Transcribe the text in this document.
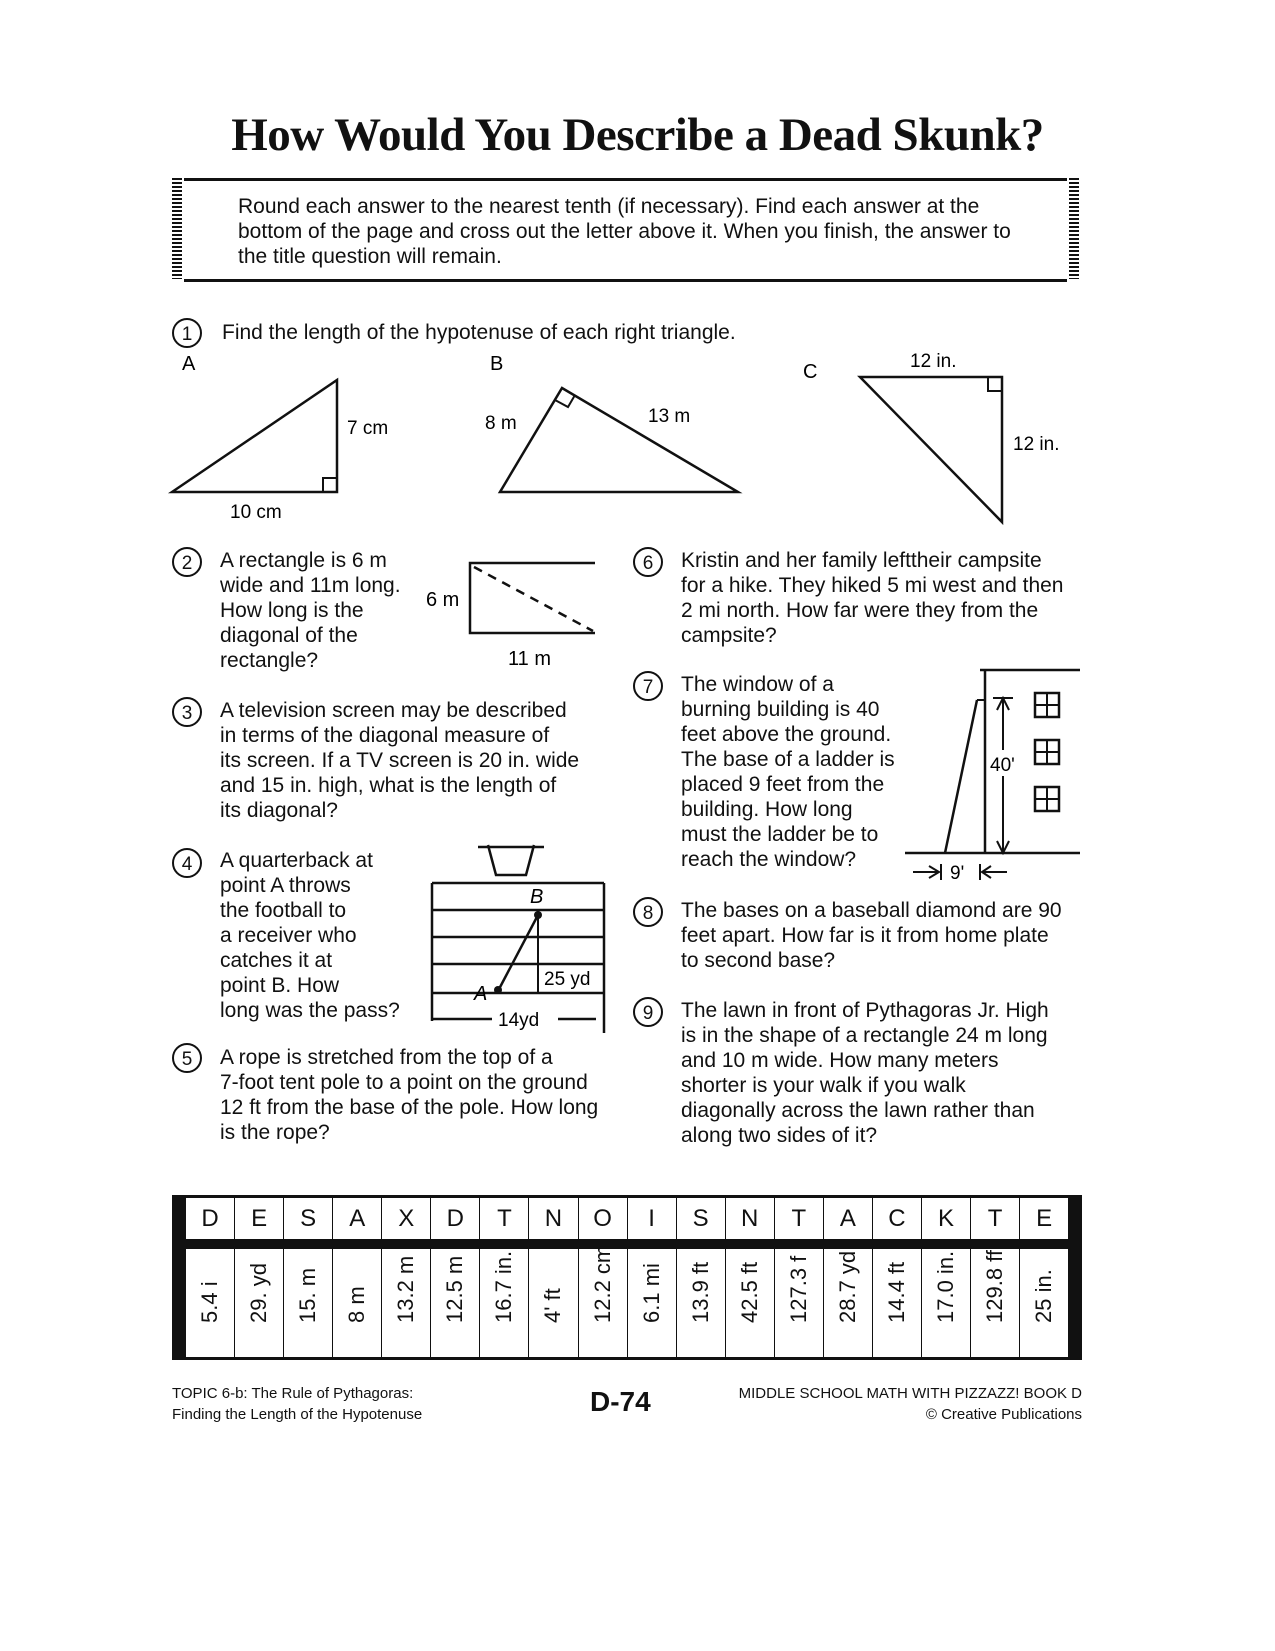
How Would You Describe a Dead Skunk?
Round each answer to the nearest tenth (if necessary). Find each answer at the bottom of the page and cross out the letter above it. When you finish, the answer to the title question will remain.
1	Find the length of the hypotenuse of each right triangle.
A
7 cm
10 cm
B
8 m	13 m
C	12 in.
12 in.
2	A rectangle is 6 m
wide and 11m long.
How long is the
diagonal of the
rectangle?
6 m
11 m
3	A television screen may be described
in terms of the diagonal measure of
its screen. If a TV screen is 20 in. wide
and 15 in. high, what is the length of
its diagonal?
4	A quarterback at
point A throws
the football to
a receiver who
catches it at
point B. How
long was the pass?
B
A
25 yd
14yd
5	A rope is stretched from the top of a
7-foot tent pole to a point on the ground
12 ft from the base of the pole. How long
is the rope?
6	Kristin and her family lefttheir campsite
for a hike. They hiked 5 mi west and then
2 mi north. How far were they from the
campsite?
7	The window of a
burning building is 40
feet above the ground.
The base of a ladder is
placed 9 feet from the
building. How long
must the ladder be to
reach the window?
40'
9'
8	The bases on a baseball diamond are 90
feet apart. How far is it from home plate
to second base?
9	The lawn in front of Pythagoras Jr. High
is in the shape of a rectangle 24 m long
and 10 m wide. How many meters
shorter is your walk if you walk
diagonally across the lawn rather than
along two sides of it?
D	E	S	A	X	D	T	N	O	I	S	N	T	A	C	K	T	E
5.4 i 29. yd 15. m 8 m 13.2 m 12.5 m 16.7 in. 4' ft 12.2 cm 6.1 mi 13.9 ft 42.5 ft 127.3 f 28.7 yd 14.4 ft 17.0 in. 129.8 ff 25 in.
TOPIC 6-b: The Rule of Pythagoras:
Finding the Length of the Hypotenuse	D-74	MIDDLE SCHOOL MATH WITH PIZZAZZ! BOOK D
© Creative Publications
